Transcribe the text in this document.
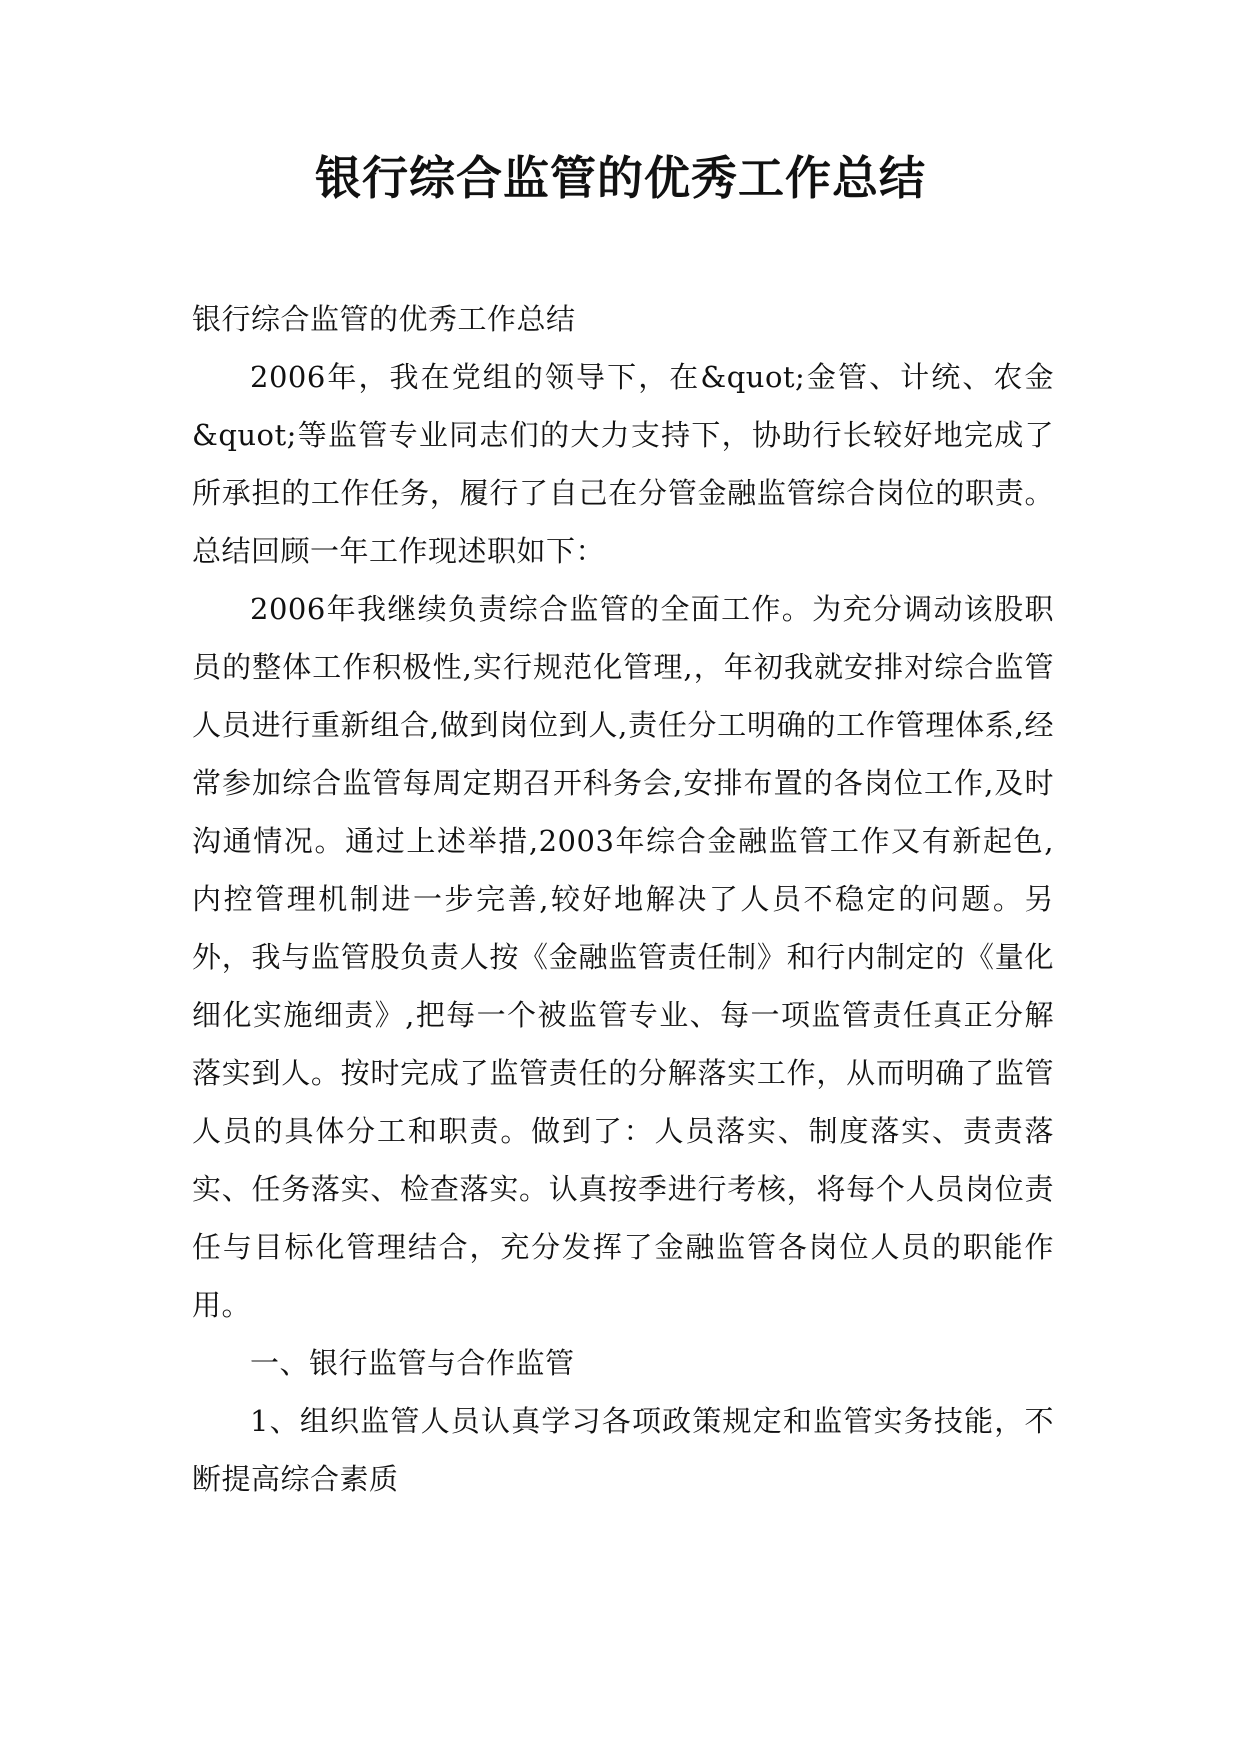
银行综合监管的优秀工作总结

银行综合监管的优秀工作总结

2006年，我在党组的领导下，在&quot;金管、计统、农金&quot;等监管专业同志们的大力支持下，协助行长较好地完成了所承担的工作任务，履行了自己在分管金融监管综合岗位的职责。总结回顾一年工作现述职如下：

2006年我继续负责综合监管的全面工作。为充分调动该股职员的整体工作积极性,实行规范化管理,，年初我就安排对综合监管人员进行重新组合,做到岗位到人,责任分工明确的工作管理体系,经常参加综合监管每周定期召开科务会,安排布置的各岗位工作,及时沟通情况。通过上述举措,2003年综合金融监管工作又有新起色,内控管理机制进一步完善,较好地解决了人员不稳定的问题。另外，我与监管股负责人按《金融监管责任制》和行内制定的《量化细化实施细责》,把每一个被监管专业、每一项监管责任真正分解落实到人。按时完成了监管责任的分解落实工作，从而明确了监管人员的具体分工和职责。做到了：人员落实、制度落实、责责落实、任务落实、检查落实。认真按季进行考核，将每个人员岗位责任与目标化管理结合，充分发挥了金融监管各岗位人员的职能作用。

一、银行监管与合作监管

1、组织监管人员认真学习各项政策规定和监管实务技能，不断提高综合素质
